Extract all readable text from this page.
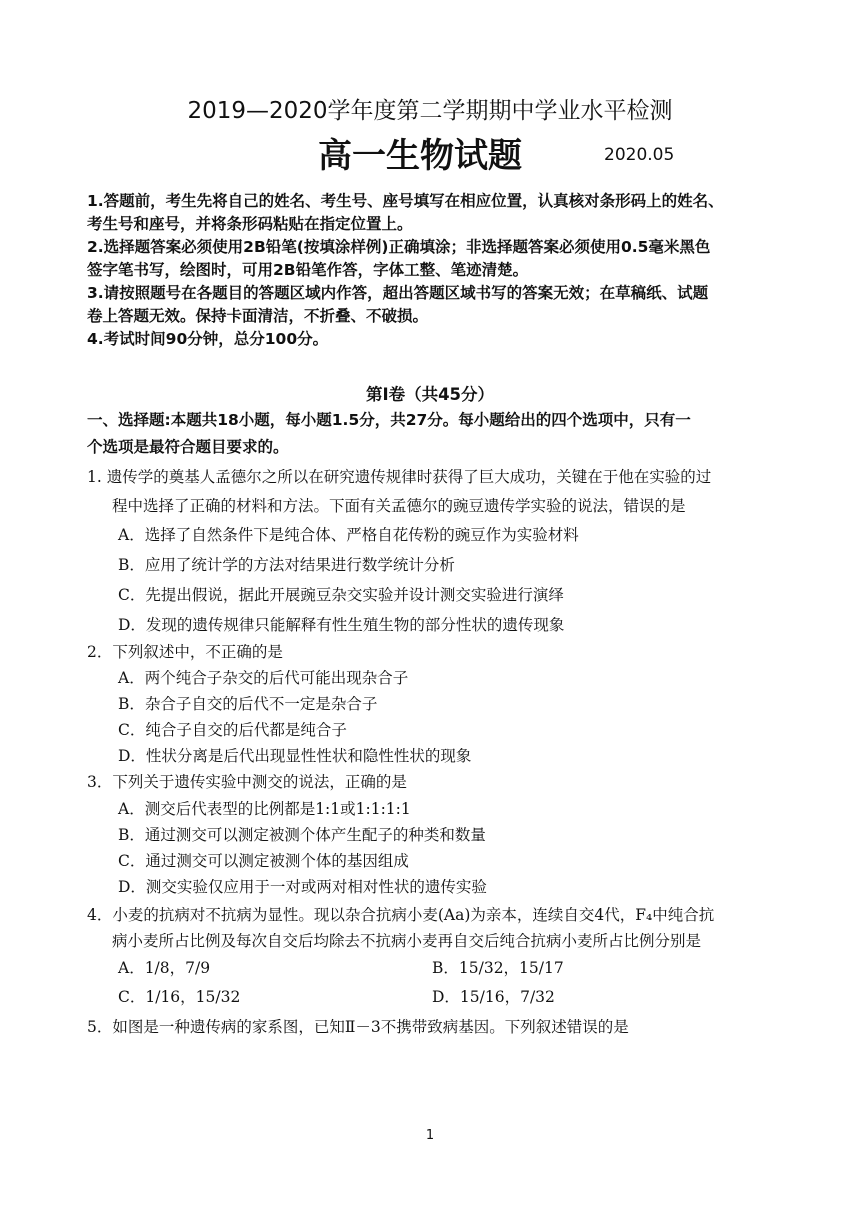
2019—2020学年度第二学期期中学业水平检测
高一生物试题	2020.05
1.答题前，考生先将自己的姓名、考生号、座号填写在相应位置，认真核对条形码上的姓名、
考生号和座号，并将条形码粘贴在指定位置上。
2.选择题答案必须使用2B铅笔(按填涂样例)正确填涂；非选择题答案必须使用0.5毫米黑色
签字笔书写，绘图时，可用2B铅笔作答，字体工整、笔迹清楚。
3.请按照题号在各题目的答题区域内作答，超出答题区域书写的答案无效；在草稿纸、试题
卷上答题无效。保持卡面清洁，不折叠、不破损。
4.考试时间90分钟，总分100分。
第Ⅰ卷（共45分）
一、选择题:本题共18小题，每小题1.5分，共27分。每小题给出的四个选项中，只有一
个选项是最符合题目要求的。
1. 遗传学的奠基人孟德尔之所以在研究遗传规律时获得了巨大成功，关键在于他在实验的过
程中选择了正确的材料和方法。下面有关孟德尔的豌豆遗传学实验的说法，错误的是
A．选择了自然条件下是纯合体、严格自花传粉的豌豆作为实验材料
B．应用了统计学的方法对结果进行数学统计分析
C．先提出假说，据此开展豌豆杂交实验并设计测交实验进行演绎
D．发现的遗传规律只能解释有性生殖生物的部分性状的遗传现象
2．下列叙述中，不正确的是
A．两个纯合子杂交的后代可能出现杂合子
B．杂合子自交的后代不一定是杂合子
C．纯合子自交的后代都是纯合子
D．性状分离是后代出现显性性状和隐性性状的现象
3．下列关于遗传实验中测交的说法，正确的是
A．测交后代表型的比例都是1:1或1:1:1:1
B．通过测交可以测定被测个体产生配子的种类和数量
C．通过测交可以测定被测个体的基因组成
D．测交实验仅应用于一对或两对相对性状的遗传实验
4．小麦的抗病对不抗病为显性。现以杂合抗病小麦(Aa)为亲本，连续自交4代，F₄中纯合抗
病小麦所占比例及每次自交后均除去不抗病小麦再自交后纯合抗病小麦所占比例分别是
A．1/8，7/9	B．15/32，15/17
C．1/16，15/32	D．15/16，7/32
5．如图是一种遗传病的家系图，已知Ⅱ－3不携带致病基因。下列叙述错误的是
1
